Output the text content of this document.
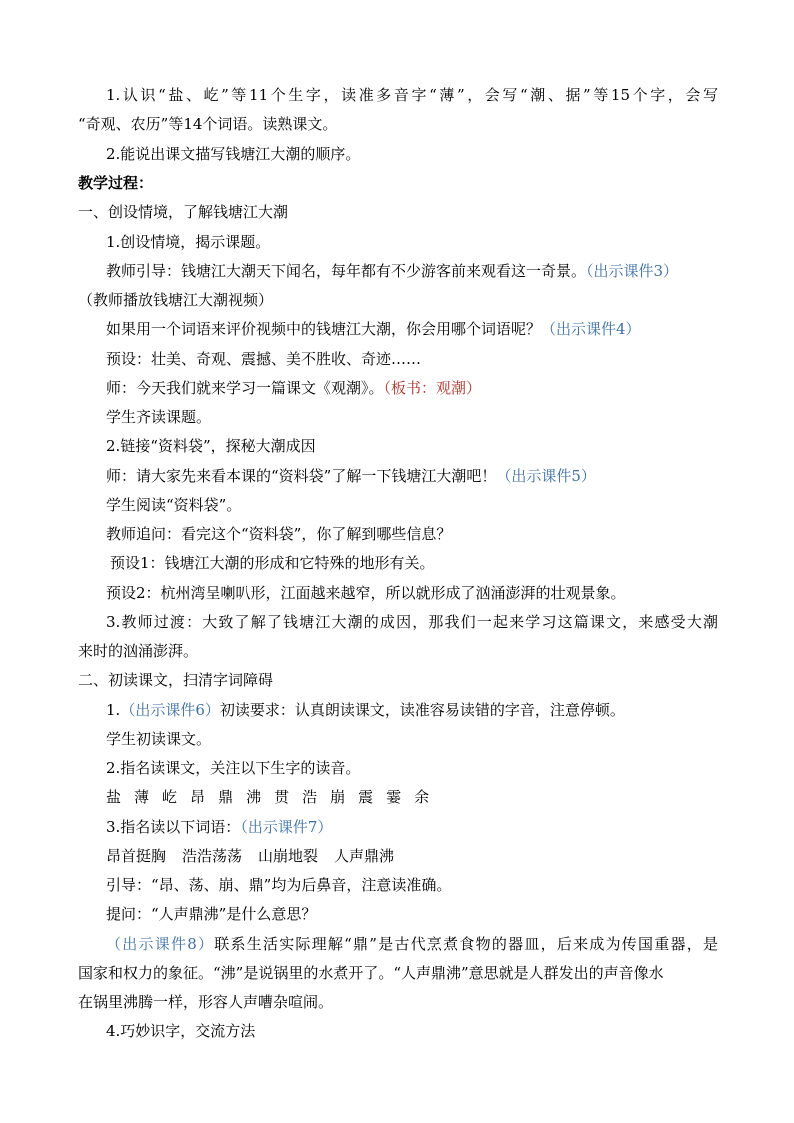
1.认识“盐、屹”等11个生字，读准多音字“薄”，会写“潮、据”等15个字，会写
“奇观、农历”等14个词语。读熟课文。
2.能说出课文描写钱塘江大潮的顺序。
教学过程：
一、创设情境，了解钱塘江大潮
1.创设情境，揭示课题。
教师引导：钱塘江大潮天下闻名，每年都有不少游客前来观看这一奇景。（出示课件3）
（教师播放钱塘江大潮视频）
如果用一个词语来评价视频中的钱塘江大潮，你会用哪个词语呢？（出示课件4）
预设：壮美、奇观、震撼、美不胜收、奇迹……
师：今天我们就来学习一篇课文《观潮》。（板书：观潮）
学生齐读课题。
2.链接“资料袋”，探秘大潮成因
师：请大家先来看本课的“资料袋”了解一下钱塘江大潮吧！（出示课件5）
学生阅读“资料袋”。
教师追问：看完这个“资料袋”，你了解到哪些信息？
预设1：钱塘江大潮的形成和它特殊的地形有关。
预设2：杭州湾呈喇叭形，江面越来越窄，所以就形成了汹涌澎湃的壮观景象。
3.教师过渡：大致了解了钱塘江大潮的成因，那我们一起来学习这篇课文，来感受大潮
来时的汹涌澎湃。
二、初读课文，扫清字词障碍
1.（出示课件6）初读要求：认真朗读课文，读准容易读错的字音，注意停顿。
学生初读课文。
2.指名读课文，关注以下生字的读音。
盐 薄 屹 昂 鼎 沸 贯 浩 崩 震 霎 余
3.指名读以下词语：（出示课件7）
昂首挺胸 浩浩荡荡 山崩地裂 人声鼎沸
引导：“昂、荡、崩、鼎”均为后鼻音，注意读准确。
提问：“人声鼎沸”是什么意思？
（出示课件8）联系生活实际理解“鼎”是古代烹煮食物的器皿，后来成为传国重器，是
国家和权力的象征。“沸”是说锅里的水煮开了。“人声鼎沸”意思就是人群发出的声音像水
在锅里沸腾一样，形容人声嘈杂喧闹。
4.巧妙识字，交流方法
